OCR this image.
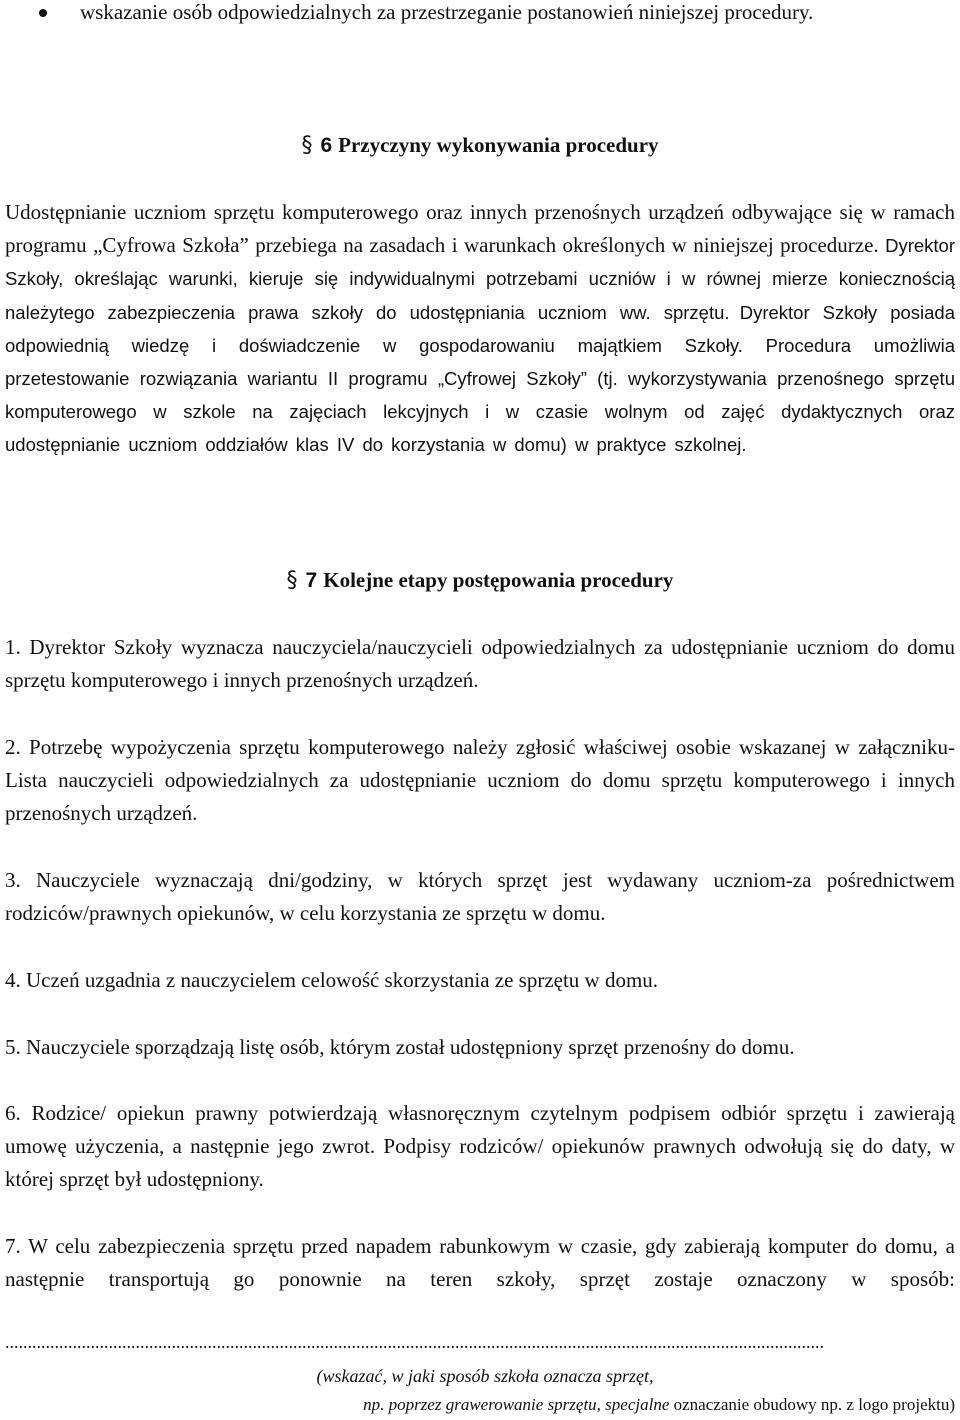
wskazanie osób odpowiedzialnych za przestrzeganie postanowień niniejszej procedury.
§ 6 Przyczyny wykonywania procedury
Udostępnianie uczniom sprzętu komputerowego oraz innych przenośnych urządzeń odbywające się w ramach programu „Cyfrowa Szkoła” przebiega na zasadach i warunkach określonych w niniejszej procedurze. Dyrektor Szkoły, określając warunki, kieruje się indywidualnymi potrzebami uczniów i w równej mierze koniecznością należytego zabezpieczenia prawa szkoły do udostępniania uczniom ww. sprzętu. Dyrektor Szkoły posiada odpowiednią wiedzę i doświadczenie w gospodarowaniu majątkiem Szkoły. Procedura umożliwia przetestowanie rozwiązania wariantu II programu „Cyfrowej Szkoły” (tj. wykorzystywania przenośnego sprzętu komputerowego w szkole na zajęciach lekcyjnych i w czasie wolnym od zajęć dydaktycznych oraz udostępnianie uczniom oddziałów klas IV do korzystania w domu) w praktyce szkolnej.
§ 7 Kolejne etapy postępowania procedury
1. Dyrektor Szkoły wyznacza nauczyciela/nauczycieli odpowiedzialnych za udostępnianie uczniom do domu sprzętu komputerowego i innych przenośnych urządzeń.
2. Potrzebę wypożyczenia sprzętu komputerowego należy zgłosić właściwej osobie wskazanej w załączniku- Lista nauczycieli odpowiedzialnych za udostępnianie uczniom do domu sprzętu komputerowego i innych przenośnych urządzeń.
3. Nauczyciele wyznaczają dni/godziny, w których sprzęt jest wydawany uczniom-za pośrednictwem rodziców/prawnych opiekunów, w celu korzystania ze sprzętu w domu.
4. Uczeń uzgadnia z nauczycielem celowość skorzystania ze sprzętu w domu.
5. Nauczyciele sporządzają listę osób, którym został udostępniony sprzęt przenośny do domu.
6. Rodzice/ opiekun prawny potwierdzają własnoręcznym czytelnym podpisem odbiór sprzętu i zawierają umowę użyczenia, a następnie jego zwrot. Podpisy rodziców/ opiekunów prawnych odwołują się do daty, w której sprzęt był udostępniony.
7. W celu zabezpieczenia sprzętu przed napadem rabunkowym w czasie, gdy zabierają komputer do domu, a następnie transportują go ponownie na teren szkoły, sprzęt zostaje oznaczony w sposób:
......................................................................................................................................................................................
(wskazać, w jaki sposób szkoła oznacza sprzęt,
np. poprzez grawerowanie sprzętu, specjalne oznaczanie obudowy np. z logo projektu)
